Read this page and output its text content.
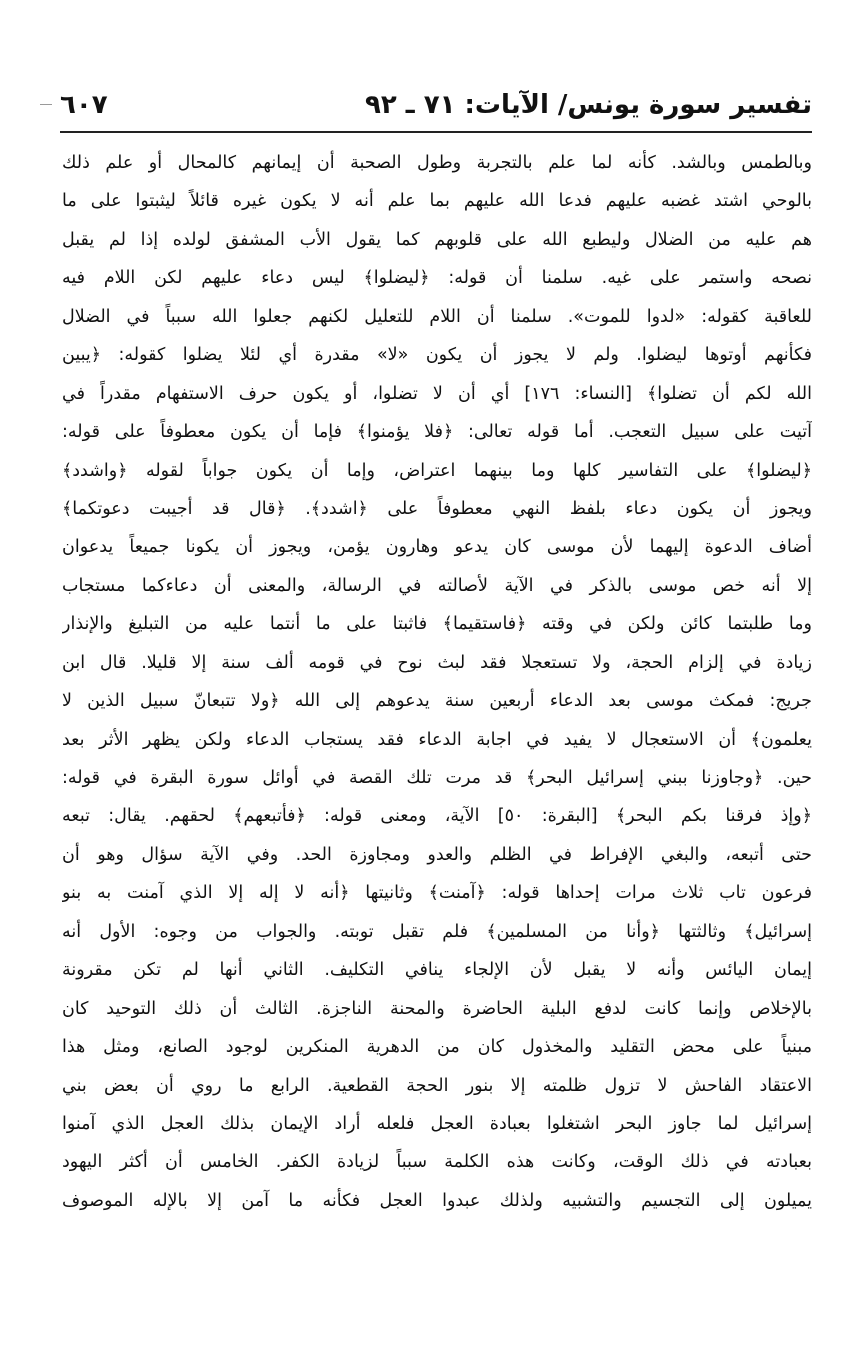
تفسير سورة يونس/ الآيات: ٧١ ـ ٩٢
٦٠٧
وبالطمس وبالشد. كأنه لما علم بالتجربة وطول الصحبة أن إيمانهم كالمحال أو علم ذلك
بالوحي اشتد غضبه عليهم فدعا الله عليهم بما علم أنه لا يكون غيره قائلاً ليثبتوا على ما
هم عليه من الضلال وليطبع الله على قلوبهم كما يقول الأب المشفق لولده إذا لم يقبل
نصحه واستمر على غيه. سلمنا أن قوله: ﴿ليضلوا﴾ ليس دعاء عليهم لكن اللام فيه
للعاقبة كقوله: «لدوا للموت». سلمنا أن اللام للتعليل لكنهم جعلوا الله سبباً في الضلال
فكأنهم أوتوها ليضلوا. ولم لا يجوز أن يكون «لا» مقدرة أي لئلا يضلوا كقوله: ﴿يبين
الله لكم أن تضلوا﴾ [النساء: ١٧٦] أي أن لا تضلوا، أو يكون حرف الاستفهام مقدراً في
آتيت على سبيل التعجب. أما قوله تعالى: ﴿فلا يؤمنوا﴾ فإما أن يكون معطوفاً على قوله:
﴿ليضلوا﴾ على التفاسير كلها وما بينهما اعتراض، وإما أن يكون جواباً لقوله ﴿واشدد﴾
ويجوز أن يكون دعاء بلفظ النهي معطوفاً على ﴿اشدد﴾. ﴿قال قد أجيبت دعوتكما﴾
أضاف الدعوة إليهما لأن موسى كان يدعو وهارون يؤمن، ويجوز أن يكونا جميعاً يدعوان
إلا أنه خص موسى بالذكر في الآية لأصالته في الرسالة، والمعنى أن دعاءكما مستجاب
وما طلبتما كائن ولكن في وقته ﴿فاستقيما﴾ فاثبتا على ما أنتما عليه من التبليغ والإنذار
زيادة في إلزام الحجة، ولا تستعجلا فقد لبث نوح في قومه ألف سنة إلا قليلا. قال ابن
جريج: فمكث موسى بعد الدعاء أربعين سنة يدعوهم إلى الله ﴿ولا تتبعانّ سبيل الذين لا
يعلمون﴾ أن الاستعجال لا يفيد في اجابة الدعاء فقد يستجاب الدعاء ولكن يظهر الأثر بعد
حين. ﴿وجاوزنا ببني إسرائيل البحر﴾ قد مرت تلك القصة في أوائل سورة البقرة في قوله:
﴿وإذ فرقنا بكم البحر﴾ [البقرة: ٥٠] الآية، ومعنى قوله: ﴿فأتبعهم﴾ لحقهم. يقال: تبعه
حتى أتبعه، والبغي الإفراط في الظلم والعدو ومجاوزة الحد. وفي الآية سؤال وهو أن
فرعون تاب ثلاث مرات إحداها قوله: ﴿آمنت﴾ وثانيتها ﴿أنه لا إله إلا الذي آمنت به بنو
إسرائيل﴾ وثالثتها ﴿وأنا من المسلمين﴾ فلم تقبل توبته. والجواب من وجوه: الأول أنه
إيمان اليائس وأنه لا يقبل لأن الإلجاء ينافي التكليف. الثاني أنها لم تكن مقرونة
بالإخلاص وإنما كانت لدفع البلية الحاضرة والمحنة الناجزة. الثالث أن ذلك التوحيد كان
مبنياً على محض التقليد والمخذول كان من الدهرية المنكرين لوجود الصانع، ومثل هذا
الاعتقاد الفاحش لا تزول ظلمته إلا بنور الحجة القطعية. الرابع ما روي أن بعض بني
إسرائيل لما جاوز البحر اشتغلوا بعبادة العجل فلعله أراد الإيمان بذلك العجل الذي آمنوا
بعبادته في ذلك الوقت، وكانت هذه الكلمة سبباً لزيادة الكفر. الخامس أن أكثر اليهود
يميلون إلى التجسيم والتشبيه ولذلك عبدوا العجل فكأنه ما آمن إلا بالإله الموصوف
